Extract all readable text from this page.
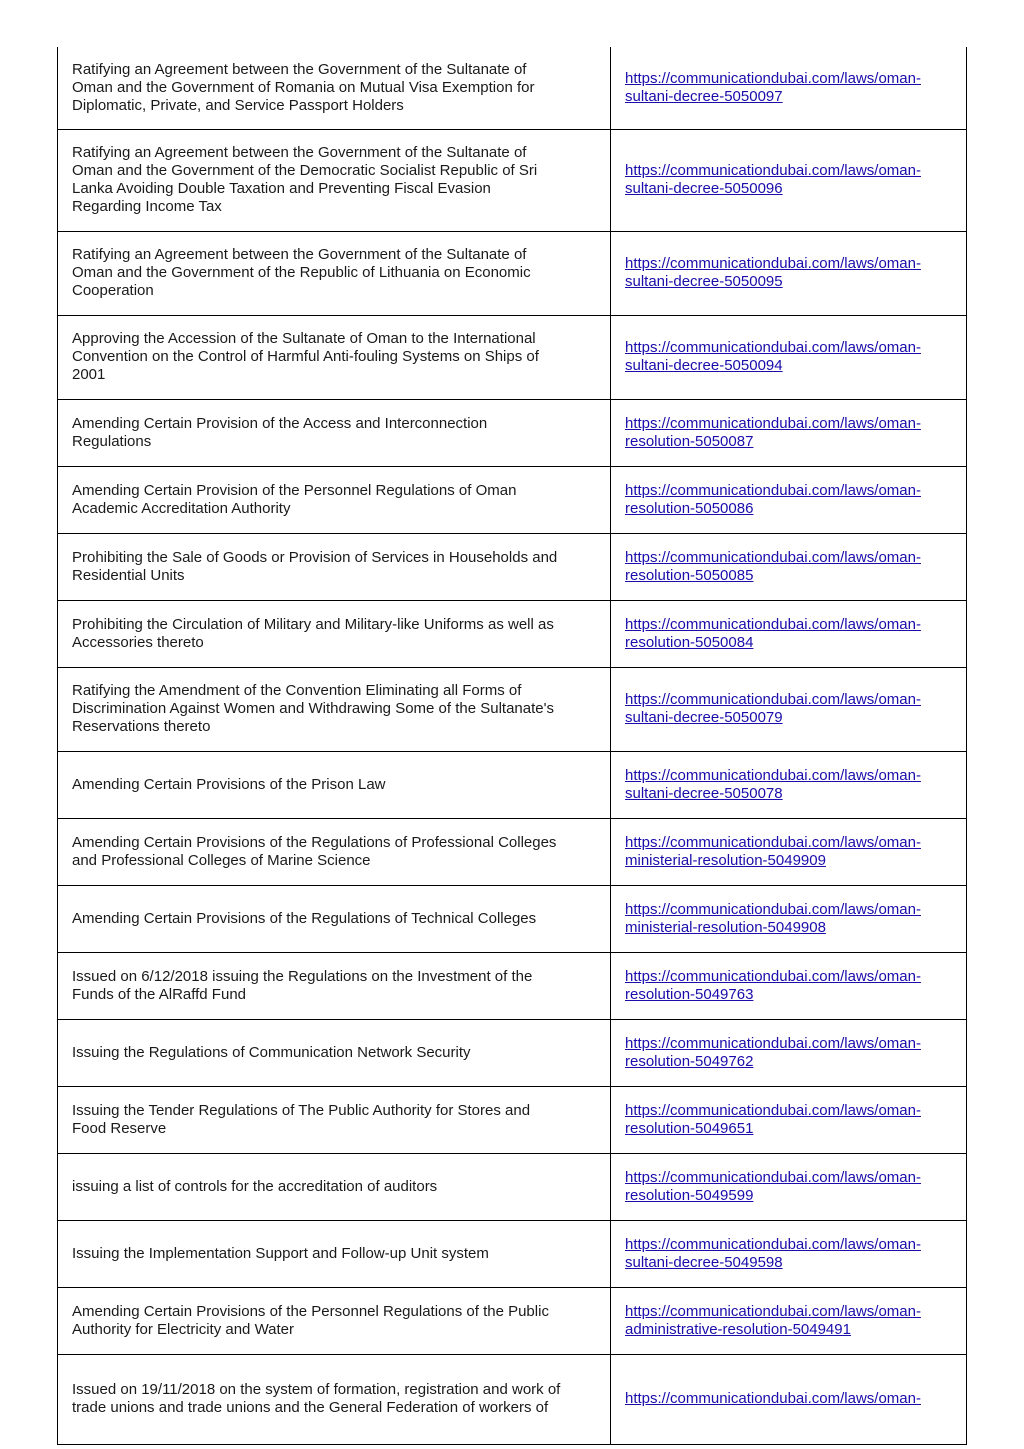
Ratifying an Agreement between the Government of the Sultanate of
Oman and the Government of Romania on Mutual Visa Exemption for
Diplomatic, Private, and Service Passport Holders	https://communicationdubai.com/laws/oman-
sultani-decree-5050097

Ratifying an Agreement between the Government of the Sultanate of
Oman and the Government of the Democratic Socialist Republic of Sri
Lanka Avoiding Double Taxation and Preventing Fiscal Evasion
Regarding Income Tax	https://communicationdubai.com/laws/oman-
sultani-decree-5050096

Ratifying an Agreement between the Government of the Sultanate of
Oman and the Government of the Republic of Lithuania on Economic
Cooperation	https://communicationdubai.com/laws/oman-
sultani-decree-5050095

Approving the Accession of the Sultanate of Oman to the International
Convention on the Control of Harmful Anti-fouling Systems on Ships of
2001	https://communicationdubai.com/laws/oman-
sultani-decree-5050094

Amending Certain Provision of the Access and Interconnection
Regulations	https://communicationdubai.com/laws/oman-
resolution-5050087

Amending Certain Provision of the Personnel Regulations of Oman
Academic Accreditation Authority	https://communicationdubai.com/laws/oman-
resolution-5050086

Prohibiting the Sale of Goods or Provision of Services in Households and
Residential Units	https://communicationdubai.com/laws/oman-
resolution-5050085

Prohibiting the Circulation of Military and Military-like Uniforms as well as
Accessories thereto	https://communicationdubai.com/laws/oman-
resolution-5050084

Ratifying the Amendment of the Convention Eliminating all Forms of
Discrimination Against Women and Withdrawing Some of the Sultanate's
Reservations thereto	https://communicationdubai.com/laws/oman-
sultani-decree-5050079

Amending Certain Provisions of the Prison Law	https://communicationdubai.com/laws/oman-
sultani-decree-5050078

Amending Certain Provisions of the Regulations of Professional Colleges
and Professional Colleges of Marine Science	https://communicationdubai.com/laws/oman-
ministerial-resolution-5049909

Amending Certain Provisions of the Regulations of Technical Colleges	https://communicationdubai.com/laws/oman-
ministerial-resolution-5049908

Issued on 6/12/2018 issuing the Regulations on the Investment of the
Funds of the AlRaffd Fund	https://communicationdubai.com/laws/oman-
resolution-5049763

Issuing the Regulations of Communication Network Security	https://communicationdubai.com/laws/oman-
resolution-5049762

Issuing the Tender Regulations of The Public Authority for Stores and
Food Reserve	https://communicationdubai.com/laws/oman-
resolution-5049651

issuing a list of controls for the accreditation of auditors	https://communicationdubai.com/laws/oman-
resolution-5049599

Issuing the Implementation Support and Follow-up Unit system	https://communicationdubai.com/laws/oman-
sultani-decree-5049598

Amending Certain Provisions of the Personnel Regulations of the Public
Authority for Electricity and Water	https://communicationdubai.com/laws/oman-
administrative-resolution-5049491

Issued on 19/11/2018 on the system of formation, registration and work of
trade unions and trade unions and the General Federation of workers of	https://communicationdubai.com/laws/oman-
